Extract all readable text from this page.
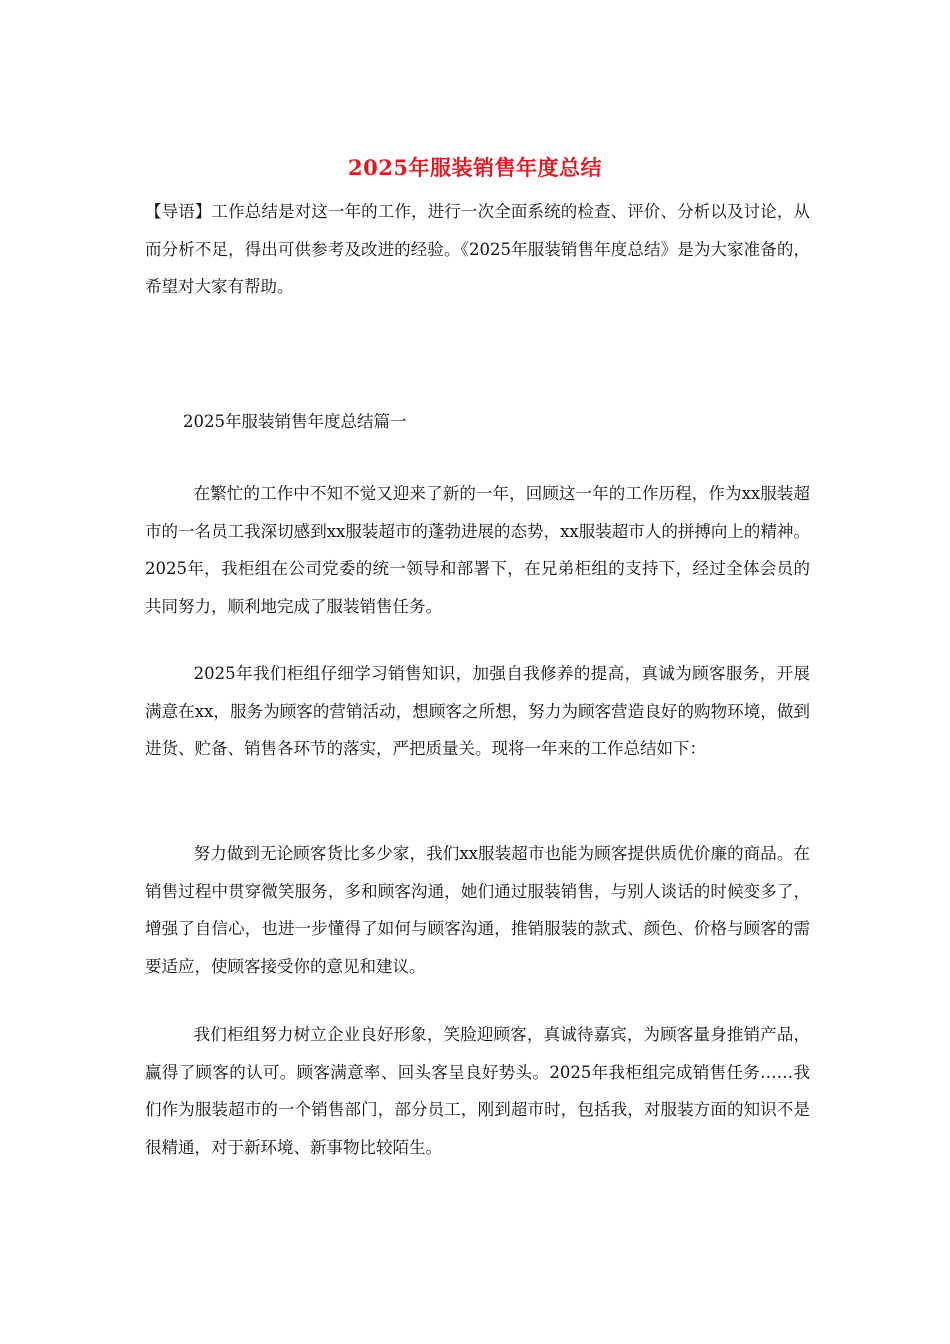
2025年服装销售年度总结
【导语】工作总结是对这一年的工作，进行一次全面系统的检查、评价、分析以及讨论，从而分析不足，得出可供参考及改进的经验。《2025年服装销售年度总结》是为大家准备的，希望对大家有帮助。
2025年服装销售年度总结篇一
在繁忙的工作中不知不觉又迎来了新的一年，回顾这一年的工作历程，作为xx服装超市的一名员工我深切感到xx服装超市的蓬勃进展的态势，xx服装超市人的拼搏向上的精神。2025年，我柜组在公司党委的统一领导和部署下，在兄弟柜组的支持下，经过全体会员的共同努力，顺利地完成了服装销售任务。
2025年我们柜组仔细学习销售知识，加强自我修养的提高，真诚为顾客服务，开展满意在xx，服务为顾客的营销活动，想顾客之所想，努力为顾客营造良好的购物环境，做到进货、贮备、销售各环节的落实，严把质量关。现将一年来的工作总结如下：
努力做到无论顾客货比多少家，我们xx服装超市也能为顾客提供质优价廉的商品。在销售过程中贯穿微笑服务，多和顾客沟通，她们通过服装销售，与别人谈话的时候变多了，增强了自信心，也进一步懂得了如何与顾客沟通，推销服装的款式、颜色、价格与顾客的需要适应，使顾客接受你的意见和建议。
我们柜组努力树立企业良好形象，笑脸迎顾客，真诚待嘉宾，为顾客量身推销产品，赢得了顾客的认可。顾客满意率、回头客呈良好势头。2025年我柜组完成销售任务……我们作为服装超市的一个销售部门，部分员工，刚到超市时，包括我，对服装方面的知识不是很精通，对于新环境、新事物比较陌生。
